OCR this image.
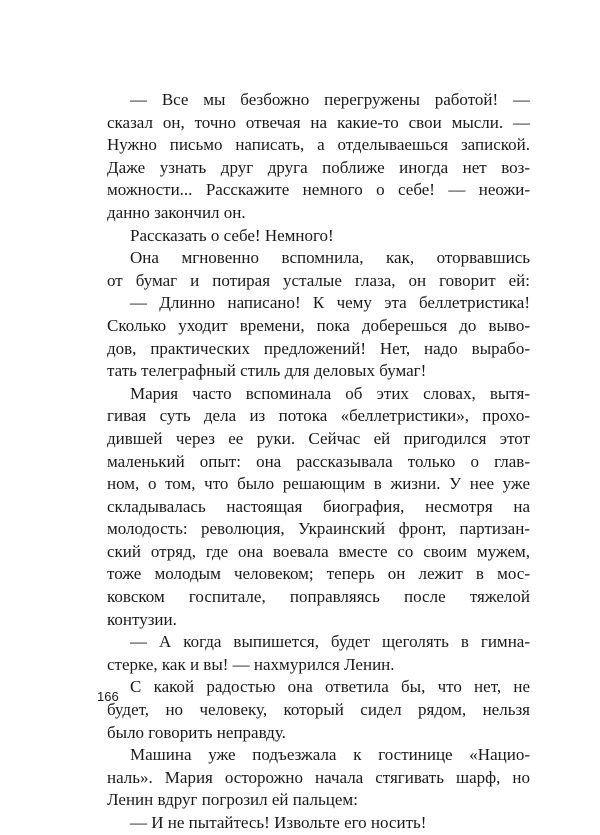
— Все мы безбожно перегружены работой! —
сказал он, точно отвечая на какие-то свои мысли. —
Нужно письмо написать, а отделываешься запиской.
Даже узнать друг друга поближе иногда нет воз-
можности... Расскажите немного о себе! — неожи-
данно закончил он.
Рассказать о себе! Немного!
Она мгновенно вспомнила, как, оторвавшись
от бумаг и потирая усталые глаза, он говорит ей:
— Длинно написано! К чему эта беллетристика!
Сколько уходит времени, пока доберешься до выво-
дов, практических предложений! Нет, надо вырабо-
тать телеграфный стиль для деловых бумаг!
Мария часто вспоминала об этих словах, вытя-
гивая суть дела из потока «беллетристики», прохо-
дившей через ее руки. Сейчас ей пригодился этот
маленький опыт: она рассказывала только о глав-
ном, о том, что было решающим в жизни. У нее уже
складывалась настоящая биография, несмотря на
молодость: революция, Украинский фронт, партизан-
ский отряд, где она воевала вместе со своим мужем,
тоже молодым человеком; теперь он лежит в мос-
ковском госпитале, поправляясь после тяжелой
контузии.
— А когда выпишется, будет щеголять в гимна-
стерке, как и вы! — нахмурился Ленин.
С какой радостью она ответила бы, что нет, не
будет, но человеку, который сидел рядом, нельзя
было говорить неправду.
Машина уже подъезжала к гостинице «Нацио-
наль». Мария осторожно начала стягивать шарф, но
Ленин вдруг погрозил ей пальцем:
— И не пытайтесь! Извольте его носить!
166
